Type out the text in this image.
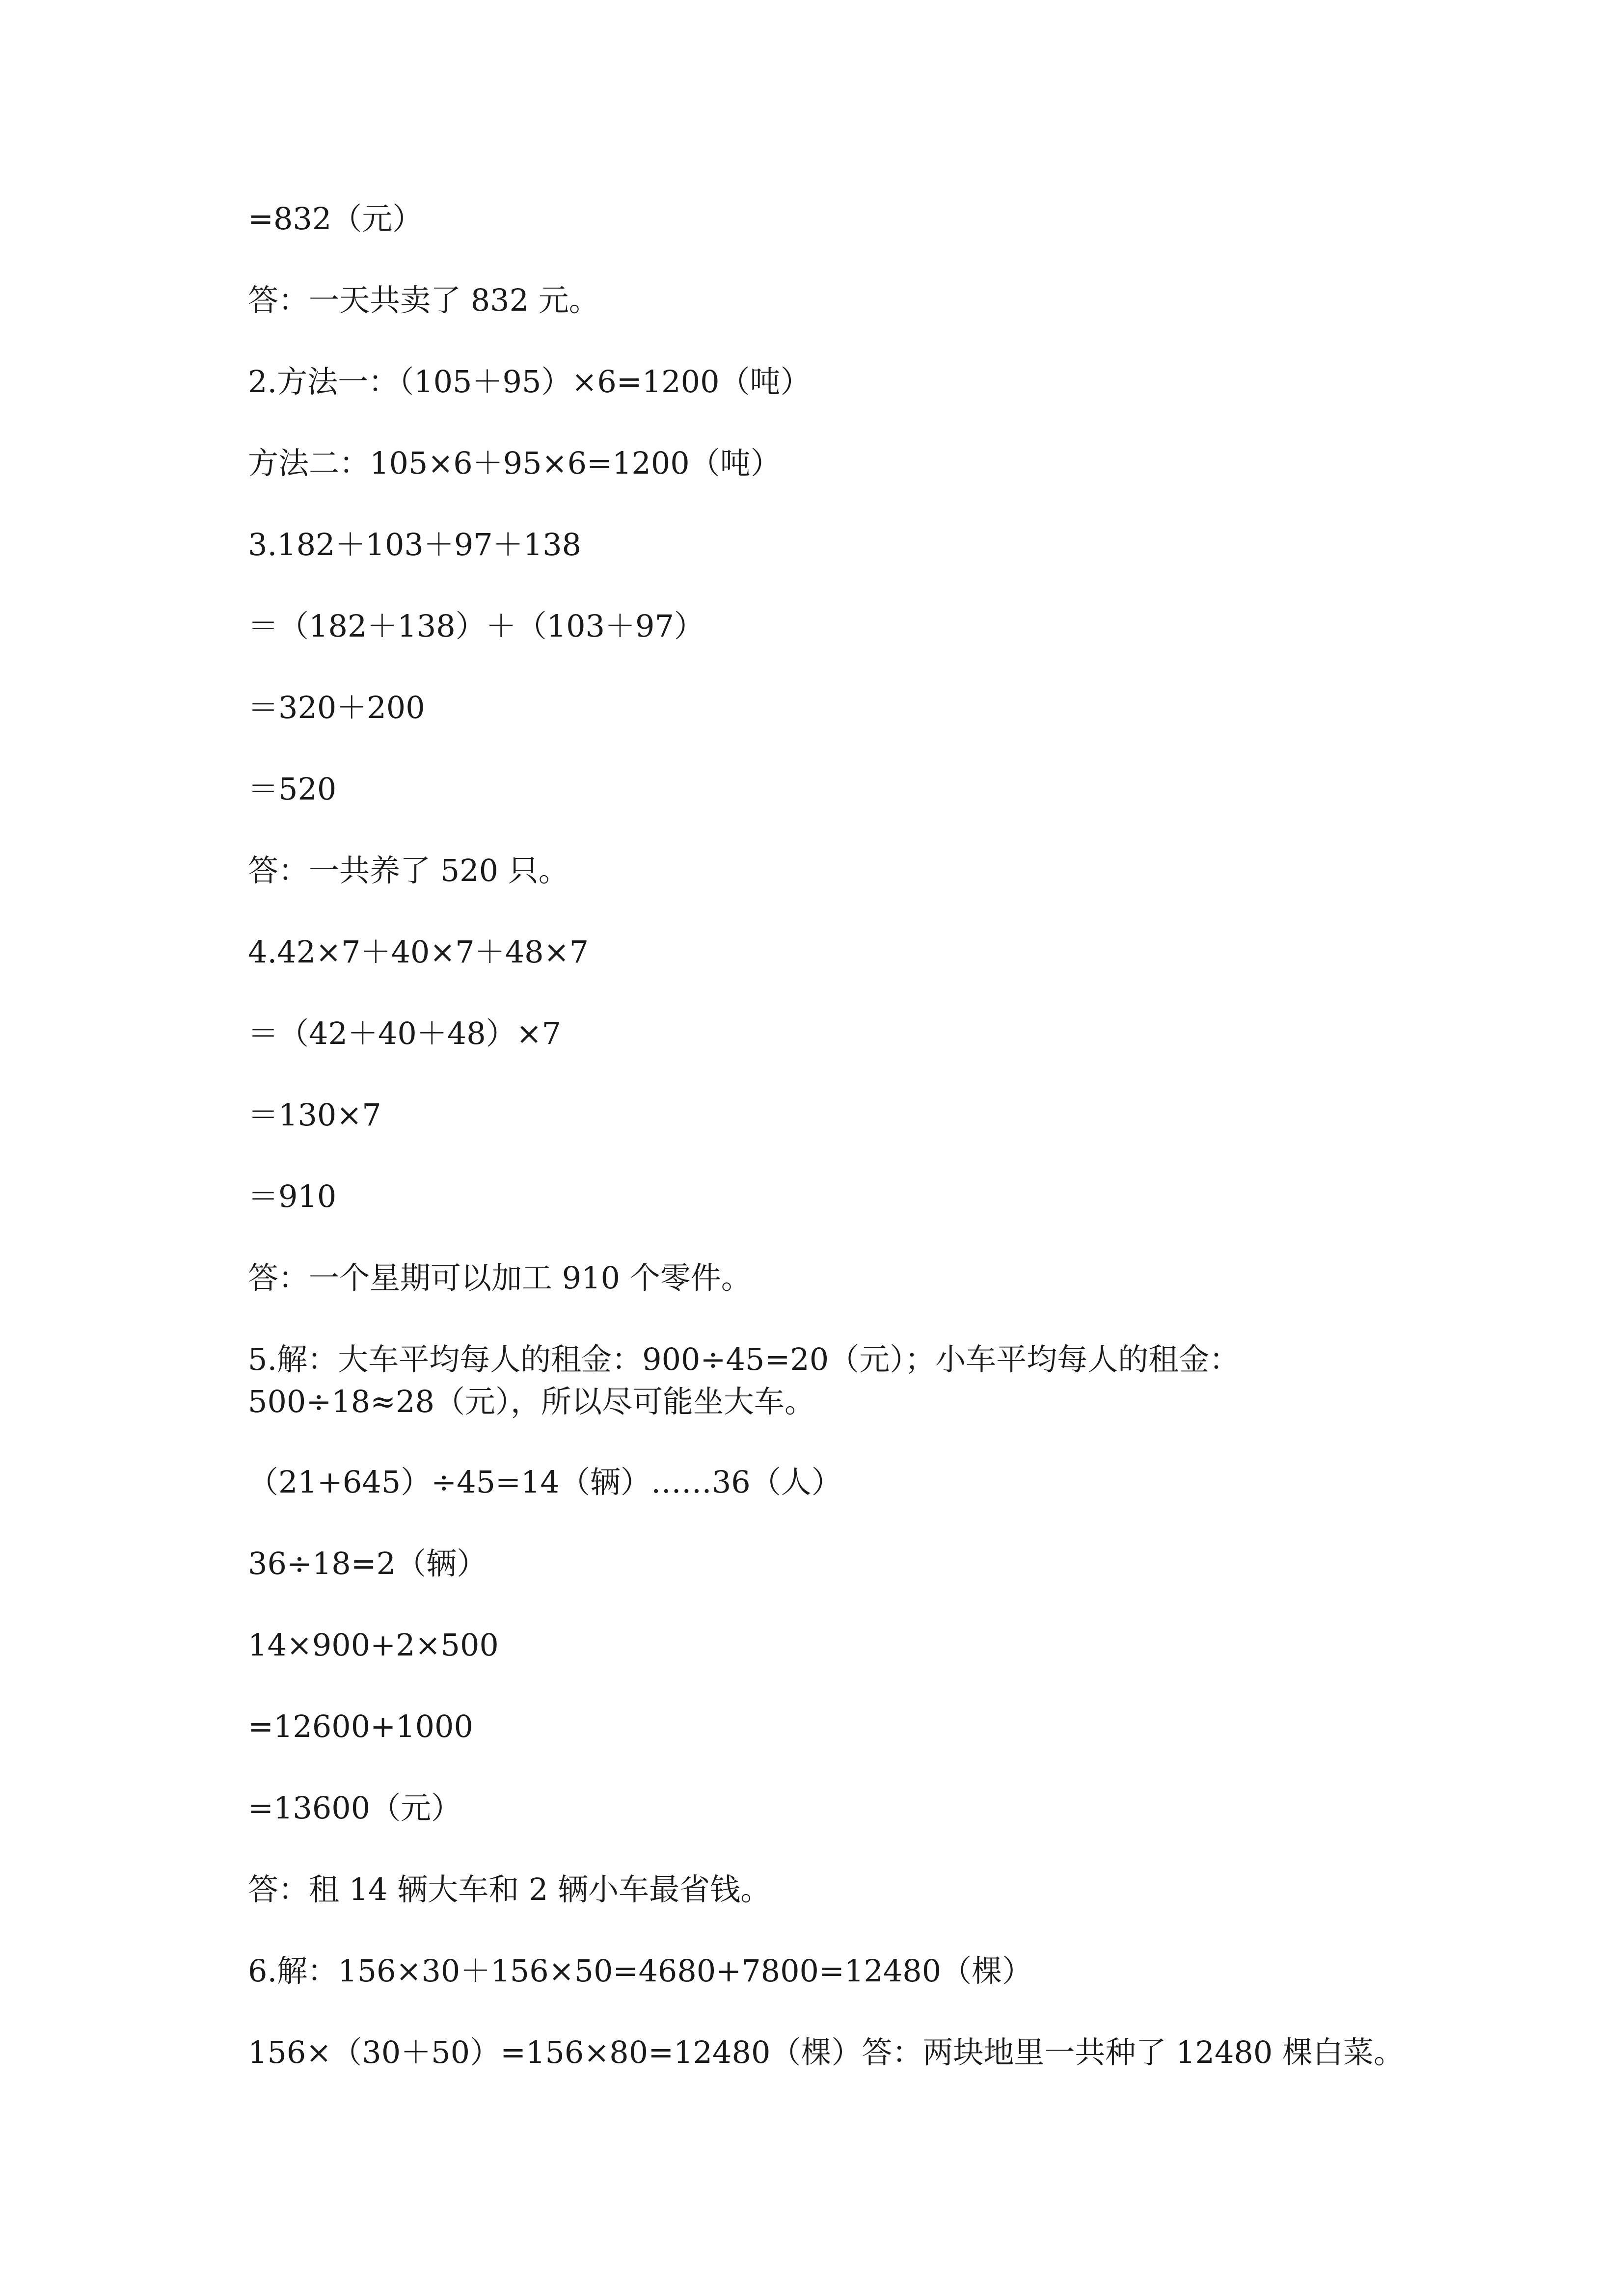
=832（元）
答：一天共卖了 832 元。
2.方法一：（105＋95）×6=1200（吨）
方法二：105×6＋95×6=1200（吨）
3.182＋103＋97＋138
＝（182＋138）＋（103＋97）
＝320＋200
＝520
答：一共养了 520 只。
4.42×7＋40×7＋48×7
＝（42＋40＋48）×7
＝130×7
＝910
答：一个星期可以加工 910 个零件。
5.解：大车平均每人的租金：900÷45=20（元）；小车平均每人的租金：
500÷18≈28（元），所以尽可能坐大车。
（21+645）÷45=14（辆）……36（人）
36÷18=2（辆）
14×900+2×500
=12600+1000
=13600（元）
答：租 14 辆大车和 2 辆小车最省钱。
6.解：156×30＋156×50=4680+7800=12480（棵）
156×（30＋50）=156×80=12480（棵）答：两块地里一共种了 12480 棵白菜。
